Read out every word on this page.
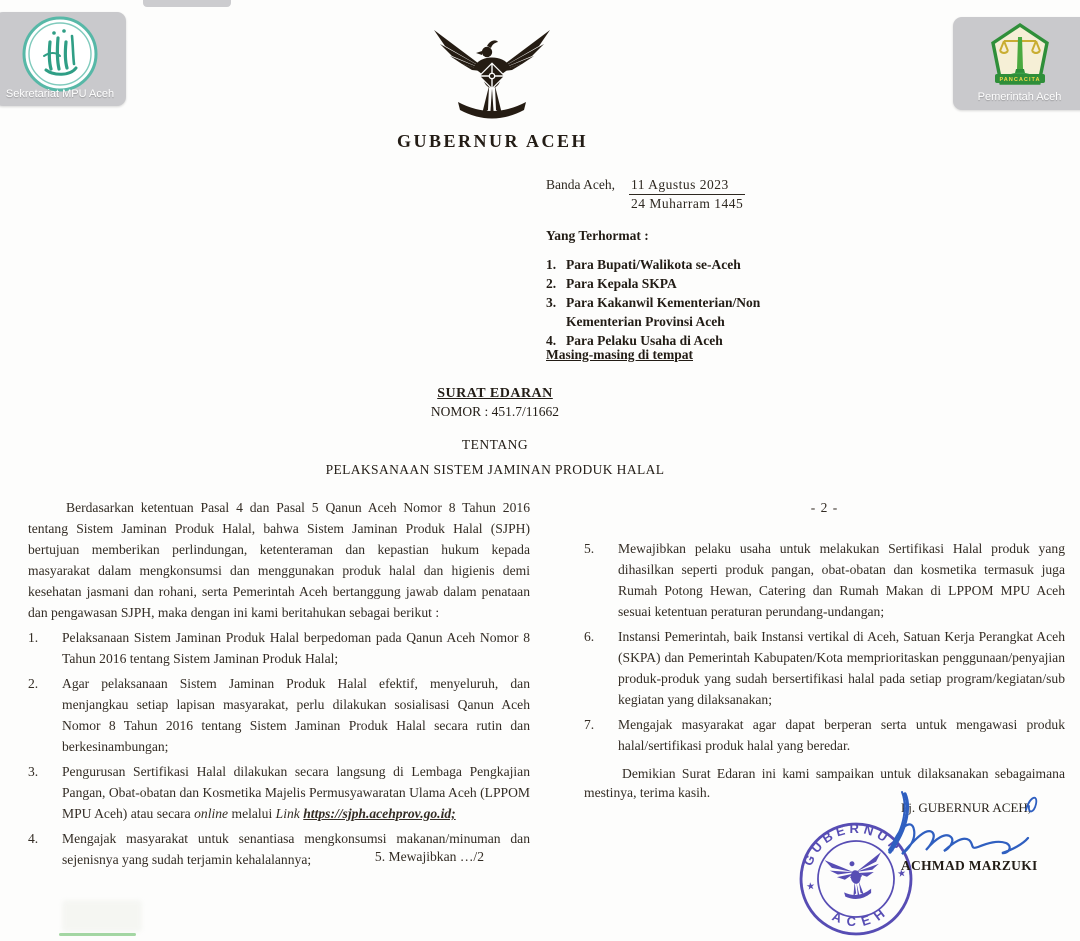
Sekretariat MPU Aceh
PANCACITA
Pemerintah Aceh
GUBERNUR ACEH
Banda Aceh, $\frac{\text{11 Agustus 2023}}{\text{24 Muharram 1445}}$
Yang Terhormat :
1. Para Bupati/Walikota se-Aceh
2. Para Kepala SKPA
3. Para Kakanwil Kementerian/Non Kementerian Provinsi Aceh
4. Para Pelaku Usaha di Aceh
Masing-masing di tempat
SURAT EDARAN
NOMOR : 451.7/11662
TENTANG
PELAKSANAAN SISTEM JAMINAN PRODUK HALAL
Berdasarkan ketentuan Pasal 4 dan Pasal 5 Qanun Aceh Nomor 8 Tahun 2016 tentang Sistem Jaminan Produk Halal, bahwa Sistem Jaminan Produk Halal (SJPH) bertujuan memberikan perlindungan, ketenteraman dan kepastian hukum kepada masyarakat dalam mengkonsumsi dan menggunakan produk halal dan higienis demi kesehatan jasmani dan rohani, serta Pemerintah Aceh bertanggung jawab dalam penataan dan pengawasan SJPH, maka dengan ini kami beritahukan sebagai berikut :
1.	Pelaksanaan Sistem Jaminan Produk Halal berpedoman pada Qanun Aceh Nomor 8 Tahun 2016 tentang Sistem Jaminan Produk Halal;
2.	Agar pelaksanaan Sistem Jaminan Produk Halal efektif, menyeluruh, dan menjangkau setiap lapisan masyarakat, perlu dilakukan sosialisasi Qanun Aceh Nomor 8 Tahun 2016 tentang Sistem Jaminan Produk Halal secara rutin dan berkesinambungan;
3.	Pengurusan Sertifikasi Halal dilakukan secara langsung di Lembaga Pengkajian Pangan, Obat-obatan dan Kosmetika Majelis Permusyawaratan Ulama Aceh (LPPOM MPU Aceh) atau secara online melalui Link https://sjph.acehprov.go.id;
4.	Mengajak masyarakat untuk senantiasa mengkonsumsi makanan/minuman dan sejenisnya yang sudah terjamin kehalalannya;	5. Mewajibkan …/2
- 2 -
5.	Mewajibkan pelaku usaha untuk melakukan Sertifikasi Halal produk yang dihasilkan seperti produk pangan, obat-obatan dan kosmetika termasuk juga Rumah Potong Hewan, Catering dan Rumah Makan di LPPOM MPU Aceh sesuai ketentuan peraturan perundang-undangan;
6.	Instansi Pemerintah, baik Instansi vertikal di Aceh, Satuan Kerja Perangkat Aceh (SKPA) dan Pemerintah Kabupaten/Kota memprioritaskan penggunaan/penyajian produk-produk yang sudah bersertifikasi halal pada setiap program/kegiatan/sub kegiatan yang dilaksanakan;
7.	Mengajak masyarakat agar dapat berperan serta untuk mengawasi produk halal/sertifikasi produk halal yang beredar.
Demikian Surat Edaran ini kami sampaikan untuk dilaksanakan sebagaimana mestinya, terima kasih.
GUBERNUR
ACEH
★
★
Pj. GUBERNUR ACEH,
ACHMAD MARZUKI
